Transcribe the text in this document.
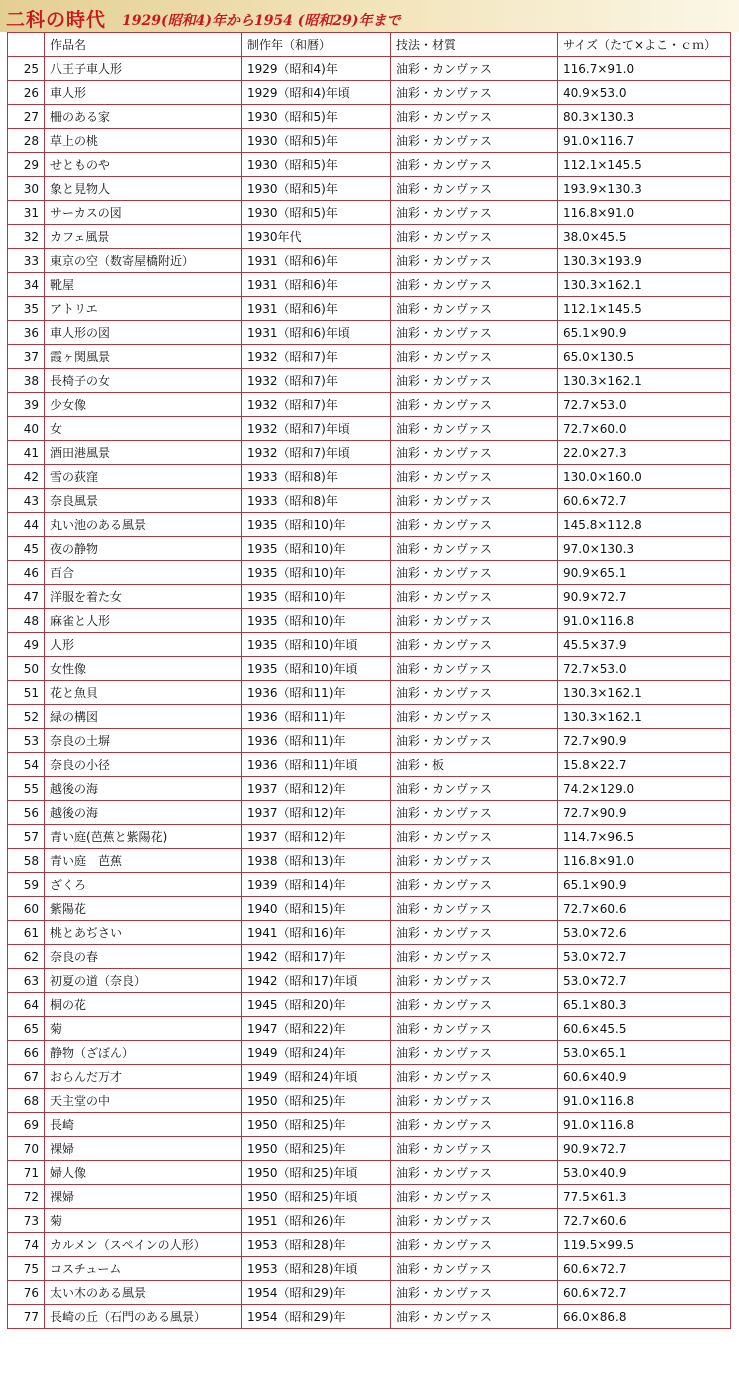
二科の時代 1929(昭和4)年から1954 (昭和29)年まで
	作品名	制作年（和暦）	技法・材質	サイズ（たて×よこ・ｃｍ）
25	八王子車人形	1929（昭和4)年	油彩・カンヴァス	116.7×91.0
26	車人形	1929（昭和4)年頃	油彩・カンヴァス	40.9×53.0
27	柵のある家	1930（昭和5)年	油彩・カンヴァス	80.3×130.3
28	草上の桃	1930（昭和5)年	油彩・カンヴァス	91.0×116.7
29	せとものや	1930（昭和5)年	油彩・カンヴァス	112.1×145.5
30	象と見物人	1930（昭和5)年	油彩・カンヴァス	193.9×130.3
31	サーカスの図	1930（昭和5)年	油彩・カンヴァス	116.8×91.0
32	カフェ風景	1930年代	油彩・カンヴァス	38.0×45.5
33	東京の空（数寄屋橋附近）	1931（昭和6)年	油彩・カンヴァス	130.3×193.9
34	靴屋	1931（昭和6)年	油彩・カンヴァス	130.3×162.1
35	アトリエ	1931（昭和6)年	油彩・カンヴァス	112.1×145.5
36	車人形の図	1931（昭和6)年頃	油彩・カンヴァス	65.1×90.9
37	霞ヶ関風景	1932（昭和7)年	油彩・カンヴァス	65.0×130.5
38	長椅子の女	1932（昭和7)年	油彩・カンヴァス	130.3×162.1
39	少女像	1932（昭和7)年	油彩・カンヴァス	72.7×53.0
40	女	1932（昭和7)年頃	油彩・カンヴァス	72.7×60.0
41	酒田港風景	1932（昭和7)年頃	油彩・カンヴァス	22.0×27.3
42	雪の荻窪	1933（昭和8)年	油彩・カンヴァス	130.0×160.0
43	奈良風景	1933（昭和8)年	油彩・カンヴァス	60.6×72.7
44	丸い池のある風景	1935（昭和10)年	油彩・カンヴァス	145.8×112.8
45	夜の静物	1935（昭和10)年	油彩・カンヴァス	97.0×130.3
46	百合	1935（昭和10)年	油彩・カンヴァス	90.9×65.1
47	洋服を着た女	1935（昭和10)年	油彩・カンヴァス	90.9×72.7
48	麻雀と人形	1935（昭和10)年	油彩・カンヴァス	91.0×116.8
49	人形	1935（昭和10)年頃	油彩・カンヴァス	45.5×37.9
50	女性像	1935（昭和10)年頃	油彩・カンヴァス	72.7×53.0
51	花と魚貝	1936（昭和11)年	油彩・カンヴァス	130.3×162.1
52	緑の構図	1936（昭和11)年	油彩・カンヴァス	130.3×162.1
53	奈良の土塀	1936（昭和11)年	油彩・カンヴァス	72.7×90.9
54	奈良の小径	1936（昭和11)年頃	油彩・板	15.8×22.7
55	越後の海	1937（昭和12)年	油彩・カンヴァス	74.2×129.0
56	越後の海	1937（昭和12)年	油彩・カンヴァス	72.7×90.9
57	青い庭(芭蕉と紫陽花)	1937（昭和12)年	油彩・カンヴァス	114.7×96.5
58	青い庭　芭蕉	1938（昭和13)年	油彩・カンヴァス	116.8×91.0
59	ざくろ	1939（昭和14)年	油彩・カンヴァス	65.1×90.9
60	紫陽花	1940（昭和15)年	油彩・カンヴァス	72.7×60.6
61	桃とあぢさい	1941（昭和16)年	油彩・カンヴァス	53.0×72.6
62	奈良の春	1942（昭和17)年	油彩・カンヴァス	53.0×72.7
63	初夏の道（奈良）	1942（昭和17)年頃	油彩・カンヴァス	53.0×72.7
64	桐の花	1945（昭和20)年	油彩・カンヴァス	65.1×80.3
65	菊	1947（昭和22)年	油彩・カンヴァス	60.6×45.5
66	静物（ざぼん）	1949（昭和24)年	油彩・カンヴァス	53.0×65.1
67	おらんだ万才	1949（昭和24)年頃	油彩・カンヴァス	60.6×40.9
68	天主堂の中	1950（昭和25)年	油彩・カンヴァス	91.0×116.8
69	長崎	1950（昭和25)年	油彩・カンヴァス	91.0×116.8
70	裸婦	1950（昭和25)年	油彩・カンヴァス	90.9×72.7
71	婦人像	1950（昭和25)年頃	油彩・カンヴァス	53.0×40.9
72	裸婦	1950（昭和25)年頃	油彩・カンヴァス	77.5×61.3
73	菊	1951（昭和26)年	油彩・カンヴァス	72.7×60.6
74	カルメン（スペインの人形）	1953（昭和28)年	油彩・カンヴァス	119.5×99.5
75	コスチューム	1953（昭和28)年頃	油彩・カンヴァス	60.6×72.7
76	太い木のある風景	1954（昭和29)年	油彩・カンヴァス	60.6×72.7
77	長崎の丘（石門のある風景）	1954（昭和29)年	油彩・カンヴァス	66.0×86.8
